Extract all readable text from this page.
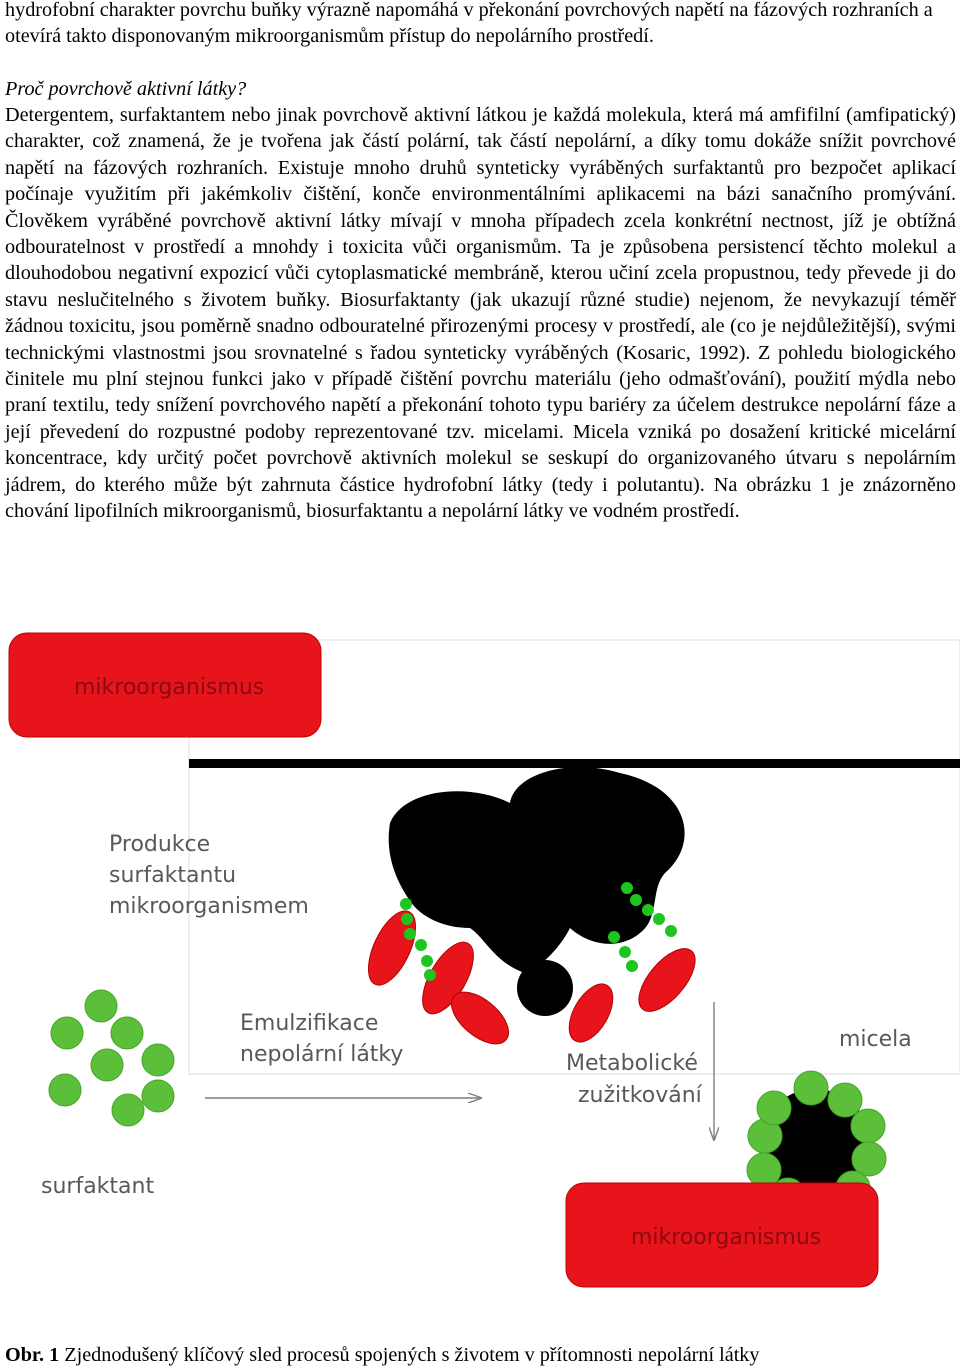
hydrofobní charakter povrchu buňky výrazně napomáhá v překonání povrchových napětí na fázových rozhraních a otevírá takto disponovaným mikroorganismům přístup do nepolárního prostředí.

Proč povrchově aktivní látky?

Detergentem, surfaktantem nebo jinak povrchově aktivní látkou je každá molekula, která má amfifilní (amfipatický) charakter, což znamená, že je tvořena jak částí polární, tak částí nepolární, a díky tomu dokáže snížit povrchové napětí na fázových rozhraních. Existuje mnoho druhů synteticky vyráběných surfaktantů pro bezpočet aplikací počínaje využitím při jakémkoliv čištění, konče environmentálními aplikacemi na bázi sanačního promývání. Člověkem vyráběné povrchově aktivní látky mívají v mnoha případech zcela konkrétní nectnost, jíž je obtížná odbouratelnost v prostředí a mnohdy i toxicita vůči organismům. Ta je způsobena persistencí těchto molekul a dlouhodobou negativní expozicí vůči cytoplasmatické membráně, kterou učiní zcela propustnou, tedy převede ji do stavu neslučitelného s životem buňky. Biosurfaktanty (jak ukazují různé studie) nejenom, že nevykazují téměř žádnou toxicitu, jsou poměrně snadno odbouratelné přirozenými procesy v prostředí, ale (co je nejdůležitější), svými technickými vlastnostmi jsou srovnatelné s řadou synteticky vyráběných (Kosaric, 1992). Z pohledu biologického činitele mu plní stejnou funkci jako v případě čištění povrchu materiálu (jeho odmašťování), použití mýdla nebo praní textilu, tedy snížení povrchového napětí a překonání tohoto typu bariéry za účelem destrukce nepolární fáze a její převedení do rozpustné podoby reprezentované tzv. micelami. Micela vzniká po dosažení kritické micelární koncentrace, kdy určitý počet povrchově aktivních molekul se seskupí do organizovaného útvaru s nepolárním jádrem, do kterého může být zahrnuta částice hydrofobní látky (tedy i polutantu). Na obrázku 1 je znázorněno chování lipofilních mikroorganismů, biosurfaktantu a nepolární látky ve vodném prostředí.

mikroorganismus
mikroorganismus
Produkce
surfaktantu
mikroorganismem
Emulzifikace
nepolární látky	Metabolické
zužitkování
micela
surfaktant

Obr. 1 Zjednodušený klíčový sled procesů spojených s životem v přítomnosti nepolární látky
